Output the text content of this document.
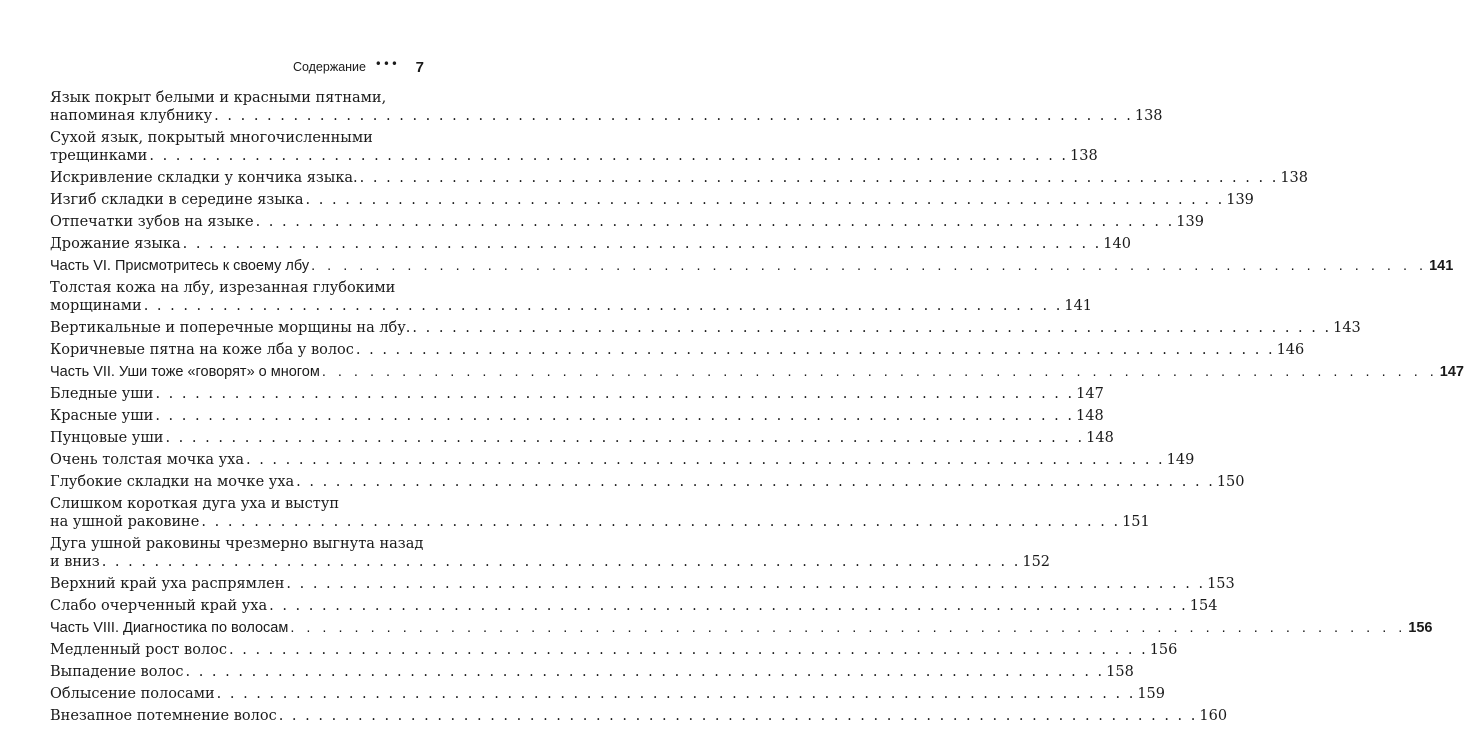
Содержание ••• 7
Язык покрыт белыми и красными пятнами,
напоминая клубнику . . .	138
Сухой язык, покрытый многочисленными
трещинками . . .	138
Искривление складки у кончика языка. . . .	138
Изгиб складки в середине языка . . .	139
Отпечатки зубов на языке . . .	139
Дрожание языка . . .	140
Часть VI. Присмотритесь к своему лбу . . .	141
Толстая кожа на лбу, изрезанная глубокими
морщинами . . .	141
Вертикальные и поперечные морщины на лбу. . . .	143
Коричневые пятна на коже лба у волос . . .	146
Часть VII. Уши тоже «говорят» о многом . . .	147
Бледные уши . . .	147
Красные уши . . .	148
Пунцовые уши . . .	148
Очень толстая мочка уха . . .	149
Глубокие складки на мочке уха . . .	150
Слишком короткая дуга уха и выступ
на ушной раковине . . .	151
Дуга ушной раковины чрезмерно выгнута назад
и вниз . . .	152
Верхний край уха распрямлен . . .	153
Слабо очерченный край уха . . .	154
Часть VIII. Диагностика по волосам . . .	156
Медленный рост волос . . .	156
Выпадение волос . . .	158
Облысение полосами . . .	159
Внезапное потемнение волос . . .	160
